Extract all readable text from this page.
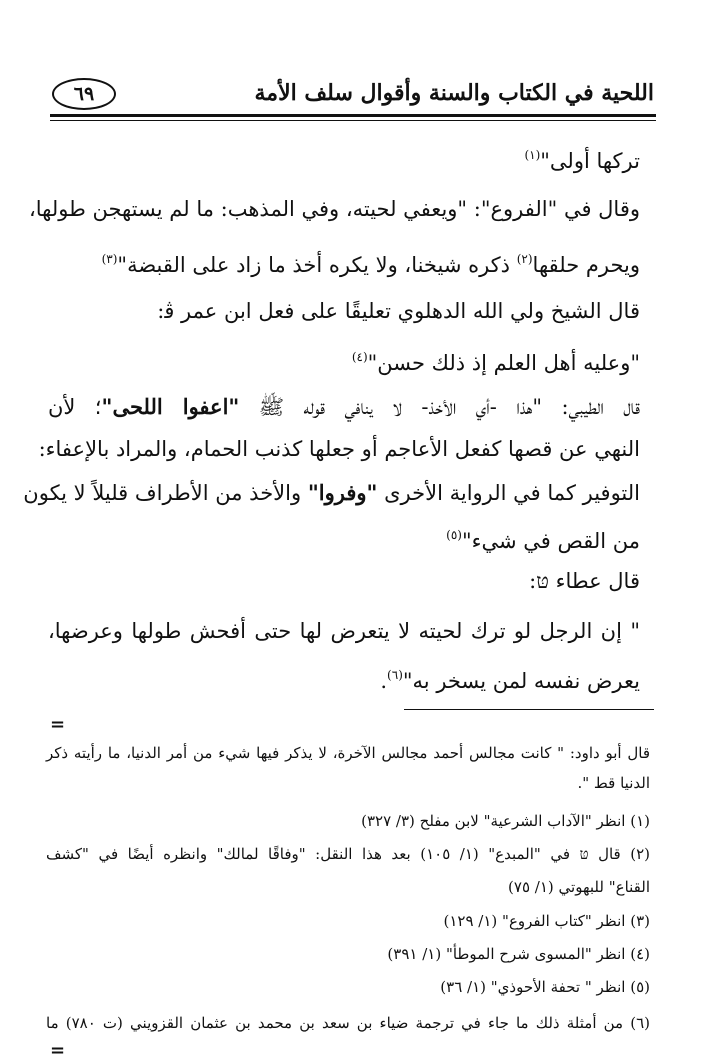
اللحية في الكتاب والسنة وأقوال سلف الأمة
٦٩
تركها أولى"$^{(١)}$
وقال في "الفروع": "ويعفي لحيته، وفي المذهب: ما لم يستهجن طولها،
ويحرم حلقها$^{(٢)}$ ذكره شيخنا، ولا يكره أخذ ما زاد على القبضة"$^{(٣)}$
قال الشيخ ولي الله الدهلوي تعليقًا على فعل ابن عمر ﭬ:
"وعليه أهل العلم إذ ذلك حسن"$^{(٤)}$
قال الطيبي: "هذا -أي الأخذ- لا ينافي قوله ﷺ "اعفوا اللحى"؛ لأن
النهي عن قصها كفعل الأعاجم أو جعلها كذنب الحمام، والمراد بالإعفاء:
التوفير كما في الرواية الأخرى "وفروا" والأخذ من الأطراف قليلاً لا يكون
من القص في شيء"$^{(٥)}$
قال عطاء טּ:
" إن الرجل لو ترك لحيته لا يتعرض لها حتى أفحش طولها وعرضها،
يعرض نفسه لمن يسخر به"$^{(٦)}$.
=
قال أبو داود: " كانت مجالس أحمد مجالس الآخرة، لا يذكر فيها شيء من أمر الدنيا، ما رأيته ذكر
الدنيا قط ".
(١) انظر "الآداب الشرعية" لابن مفلح (٣/ ٣٢٧)
(٢) قال טּ في "المبدع" (١/ ١٠٥) بعد هذا النقل: "وفاقًا لمالك" وانظره أيضًا في "كشف
القناع" للبهوتي (١/ ٧٥)
(٣) انظر "كتاب الفروع" (١/ ١٢٩)
(٤) انظر "المسوى شرح الموطأ" (١/ ٣٩١)
(٥) انظر " تحفة الأحوذي" (١/ ٣٦)
(٦) من أمثلة ذلك ما جاء في ترجمة ضياء بن سعد بن محمد بن عثمان القزويني (ت ٧٨٠) ما
=
